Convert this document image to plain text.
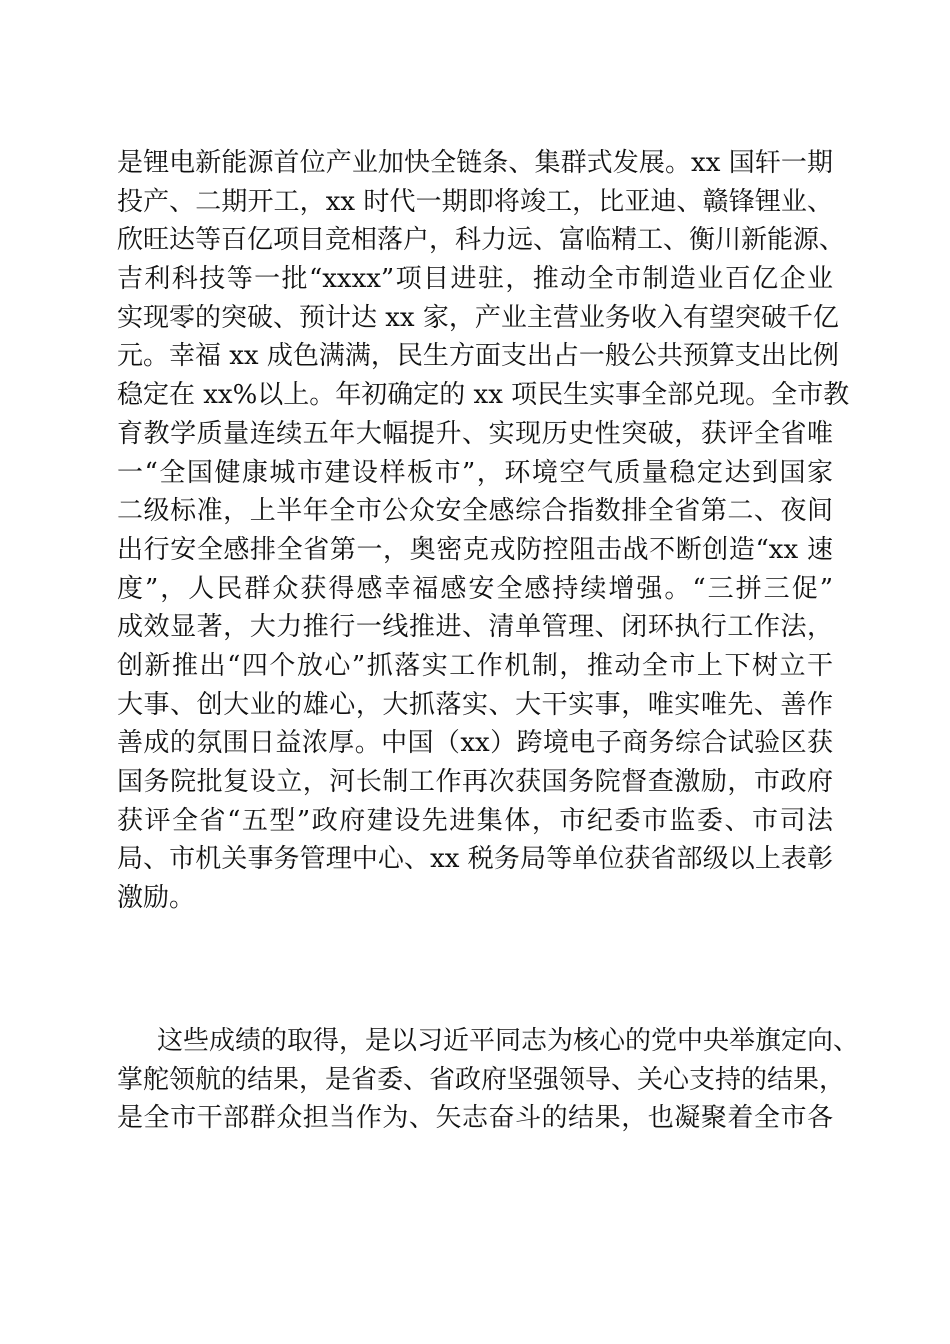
是锂电新能源首位产业加快全链条、集群式发展。xx 国轩一期
投产、二期开工，xx 时代一期即将竣工，比亚迪、赣锋锂业、
欣旺达等百亿项目竞相落户，科力远、富临精工、衡川新能源、
吉利科技等一批“xxxx”项目进驻，推动全市制造业百亿企业
实现零的突破、预计达 xx 家，产业主营业务收入有望突破千亿
元。幸福 xx 成色满满，民生方面支出占一般公共预算支出比例
稳定在 xx%以上。年初确定的 xx 项民生实事全部兑现。全市教
育教学质量连续五年大幅提升、实现历史性突破，获评全省唯
一“全国健康城市建设样板市”，环境空气质量稳定达到国家
二级标准，上半年全市公众安全感综合指数排全省第二、夜间
出行安全感排全省第一，奥密克戎防控阻击战不断创造“xx 速
度”，人民群众获得感幸福感安全感持续增强。“三拼三促”
成效显著，大力推行一线推进、清单管理、闭环执行工作法，
创新推出“四个放心”抓落实工作机制，推动全市上下树立干
大事、创大业的雄心，大抓落实、大干实事，唯实唯先、善作
善成的氛围日益浓厚。中国（xx）跨境电子商务综合试验区获
国务院批复设立，河长制工作再次获国务院督查激励，市政府
获评全省“五型”政府建设先进集体，市纪委市监委、市司法
局、市机关事务管理中心、xx 税务局等单位获省部级以上表彰
激励。
这些成绩的取得，是以习近平同志为核心的党中央举旗定向、
掌舵领航的结果，是省委、省政府坚强领导、关心支持的结果，
是全市干部群众担当作为、矢志奋斗的结果，也凝聚着全市各
